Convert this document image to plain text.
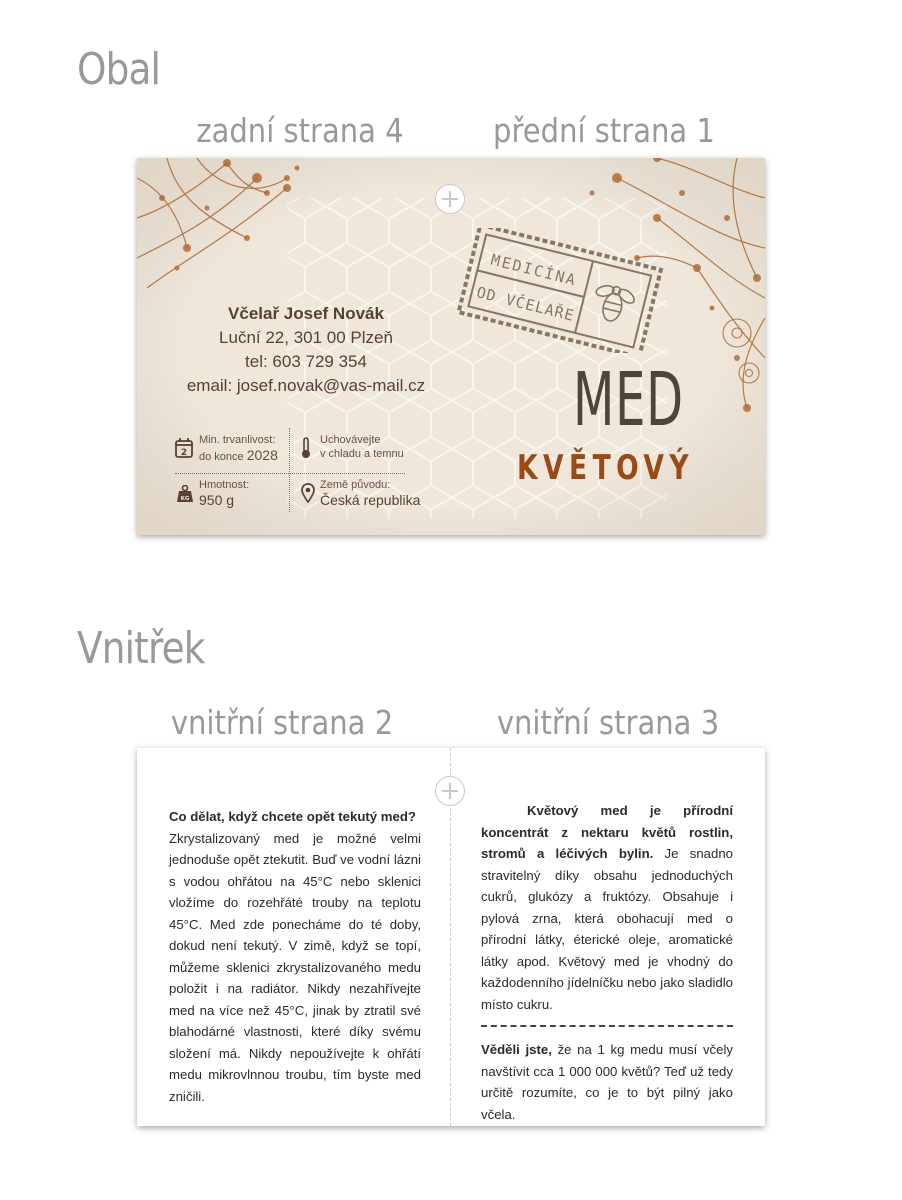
Obal
zadní strana 4	přední strana 1
MEDICÍNA
OD VČELAŘE
Včelař Josef Novák
Luční 22, 301 00 Plzeň
tel: 603 729 354
email: josef.novak@vas-mail.cz
2
Min. trvanlivost:
do konce 2028
Uchovávejte
v chladu a temnu
KG
Hmotnost:
950 g
Země původu:
Česká republika
MED
KVĚTOVÝ
Vnitřek
vnitřní strana 2	vnitřní strana 3

Co dělat, když chcete opět tekutý med?
Zkrystalizovaný med je možné velmi jednoduše opět ztekutit. Buď ve vodní lázni s vodou ohřátou na 45°C nebo sklenici vložíme do rozehřáté trouby na teplotu 45°C. Med zde ponecháme do té doby, dokud není tekutý. V zimě, když se topí, můžeme sklenici zkrystalizovaného medu položit i na radiátor. Nikdy nezahřívejte med na více než 45°C, jinak by ztratil své blahodárné vlastnosti, které díky svému složení má. Nikdy nepoužívejte k ohřátí medu mikrovlnnou troubu, tím byste med zničili.

Květový med je přírodní koncentrát z nektaru květů rostlin, stromů a léčivých bylin. Je snadno stravitelný díky obsahu jednoduchých cukrů, glukózy a fruktózy. Obsahuje i pylová zrna, která obohacují med o přírodní látky, éterické oleje, aromatické látky apod. Květový med je vhodný do každodenního jídelníčku nebo jako sladidlo místo cukru.

Věděli jste, že na 1 kg medu musí včely navštívit cca 1 000 000 květů? Teď už tedy určitě rozumíte, co je to být pilný jako včela.
